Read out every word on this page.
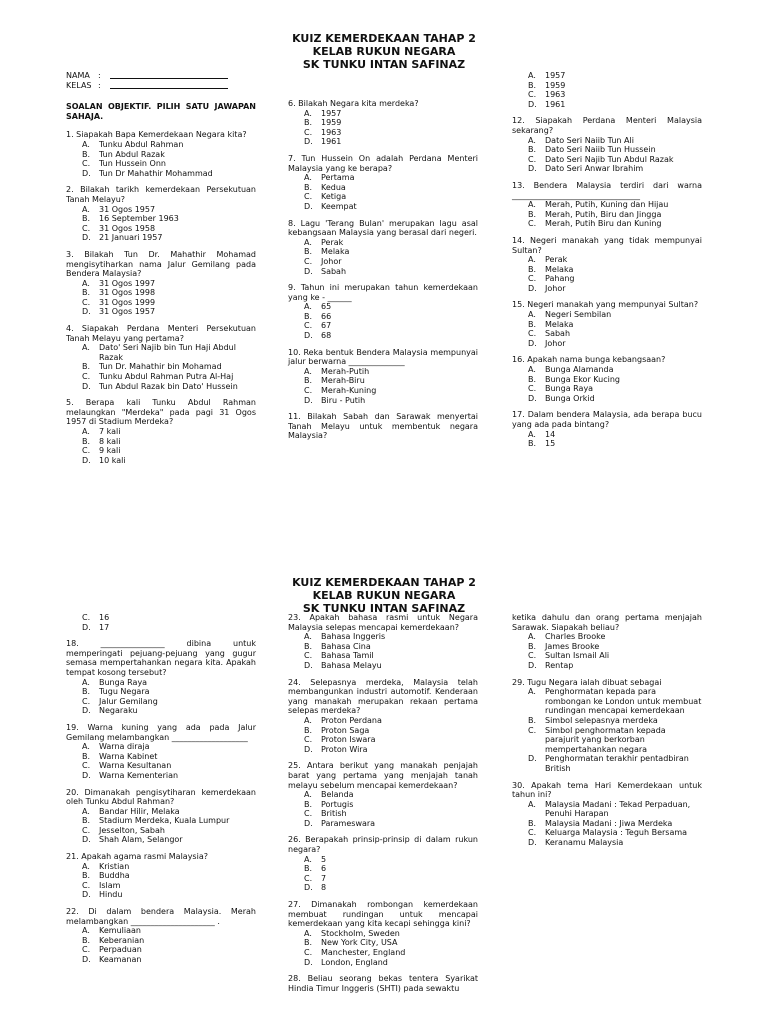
KUIZ KEMERDEKAAN TAHAP 2
KELAB RUKUN NEGARA
SK TUNKU INTAN SAFINAZ
NAMA	:
KELAS :
SOALAN OBJEKTIF. PILIH SATU JAWAPAN SAHAJA.
1. Siapakah Bapa Kemerdekaan Negara kita?
A.	Tunku Abdul Rahman
B.	Tun Abdul Razak
C.	Tun Hussein Onn
D.	Tun Dr Mahathir Mohammad
2. Bilakah tarikh kemerdekaan Persekutuan Tanah Melayu?
A.	31 Ogos 1957
B.	16 September 1963
C.	31 Ogos 1958
D.	21 Januari 1957
3. Bilakah Tun Dr. Mahathir Mohamad mengisytiharkan nama Jalur Gemilang pada Bendera Malaysia?
A.	31 Ogos 1997
B.	31 Ogos 1998
C.	31 Ogos 1999
D.	31 Ogos 1957
4. Siapakah Perdana Menteri Persekutuan Tanah Melayu yang pertama?
A.	Dato' Seri Najib bin Tun Haji Abdul Razak
B.	Tun Dr. Mahathir bin Mohamad
C.	Tunku Abdul Rahman Putra Al-Haj
D.	Tun Abdul Razak bin Dato' Hussein
5. Berapa kali Tunku Abdul Rahman melaungkan "Merdeka" pada pagi 31 Ogos 1957 di Stadium Merdeka?
A.	7 kali
B.	8 kali
C.	9 kali
D.	10 kali
6. Bilakah Negara kita merdeka?
A.	1957
B.	1959
C.	1963
D.	1961
7. Tun Hussein On adalah Perdana Menteri Malaysia yang ke berapa?
A.	Pertama
B.	Kedua
C.	Ketiga
D.	Keempat
8. Lagu 'Terang Bulan' merupakan lagu asal kebangsaan Malaysia yang berasal dari negeri.
A.	Perak
B.	Melaka
C.	Johor
D.	Sabah
9. Tahun ini merupakan tahun kemerdekaan yang ke - ______
A.	65
B.	66
C.	67
D.	68
10. Reka bentuk Bendera Malaysia mempunyai jalur berwarna ______________
A.	Merah-Putih
B.	Merah-Biru
C.	Merah-Kuning
D.	Biru - Putih
11. Bilakah Sabah dan Sarawak menyertai Tanah Melayu untuk membentuk negara Malaysia?
A.	1957
B.	1959
C.	1963
D.	1961
12. Siapakah Perdana Menteri Malaysia sekarang?
A.	Dato Seri Naiib Tun Ali
B.	Dato Seri Naiib Tun Hussein
C.	Dato Seri Najib Tun Abdul Razak
D.	Dato Seri Anwar Ibrahim
13. Bendera Malaysia terdiri dari warna ________________________________
A.	Merah, Putih, Kuning dan Hijau
B.	Merah, Putih, Biru dan Jingga
C.	Merah, Putih Biru dan Kuning
14. Negeri manakah yang tidak mempunyai Sultan?
A.	Perak
B.	Melaka
C.	Pahang
D.	Johor
15. Negeri manakah yang mempunyai Sultan?
A.	Negeri Sembilan
B.	Melaka
C.	Sabah
D.	Johor
16. Apakah nama bunga kebangsaan?
A.	Bunga Alamanda
B.	Bunga Ekor Kucing
C.	Bunga Raya
D.	Bunga Orkid
17. Dalam bendera Malaysia, ada berapa bucu yang ada pada bintang?
A.	14
B.	15
KUIZ KEMERDEKAAN TAHAP 2
KELAB RUKUN NEGARA
SK TUNKU INTAN SAFINAZ
C.	16
D.	17
18. ________________ dibina untuk memperingati pejuang-pejuang yang gugur semasa mempertahankan negara kita. Apakah tempat kosong tersebut?
A.	Bunga Raya
B.	Tugu Negara
C.	Jalur Gemilang
D.	Negaraku
19. Warna kuning yang ada pada Jalur Gemilang melambangkan ___________________
A.	Warna diraja
B.	Warna Kabinet
C.	Warna Kesultanan
D.	Warna Kementerian
20. Dimanakah pengisytiharan kemerdekaan oleh Tunku Abdul Rahman?
A.	Bandar Hilir, Melaka
B.	Stadium Merdeka, Kuala Lumpur
C.	Jesselton, Sabah
D.	Shah Alam, Selangor
21. Apakah agama rasmi Malaysia?
A.	Kristian
B.	Buddha
C.	Islam
D.	Hindu
22. Di dalam bendera Malaysia. Merah melambangkan _____________________ .
A.	Kemuliaan
B.	Keberanian
C.	Perpaduan
D.	Keamanan
23. Apakah bahasa rasmi untuk Negara Malaysia selepas mencapai kemerdekaan?
A.	Bahasa Inggeris
B.	Bahasa Cina
C.	Bahasa Tamil
D.	Bahasa Melayu
24. Selepasnya merdeka, Malaysia telah membangunkan industri automotif. Kenderaan yang manakah merupakan rekaan pertama selepas merdeka?
A.	Proton Perdana
B.	Proton Saga
C.	Proton Iswara
D.	Proton Wira
25. Antara berikut yang manakah penjajah barat yang pertama yang menjajah tanah melayu sebelum mencapai kemerdekaan?
A.	Belanda
B.	Portugis
C.	British
D.	Parameswara
26. Berapakah prinsip-prinsip di dalam rukun negara?
A.	5
B.	6
C.	7
D.	8
27. Dimanakah rombongan kemerdekaan membuat rundingan untuk mencapai kemerdekaan yang kita kecapi sehingga kini?
A.	Stockholm, Sweden
B.	New York City, USA
C.	Manchester, England
D.	London, England
28. Beliau seorang bekas tentera Syarikat Hindia Timur Inggeris (SHTI) pada sewaktu
ketika dahulu dan orang pertama menjajah Sarawak. Siapakah beliau?
A.	Charles Brooke
B.	James Brooke
C.	Sultan Ismail Ali
D.	Rentap
29. Tugu Negara ialah dibuat sebagai
A.	Penghormatan kepada para rombongan ke London untuk membuat rundingan mencapai kemerdekaan
B.	Simbol selepasnya merdeka
C.	Simbol penghormatan kepada parajurit yang berkorban mempertahankan negara
D.	Penghormatan terakhir pentadbiran British
30. Apakah tema Hari Kemerdekaan untuk tahun ini?
A.	Malaysia Madani : Tekad Perpaduan, Penuhi Harapan
B.	Malaysia Madani : Jiwa Merdeka
C.	Keluarga Malaysia : Teguh Bersama
D.	Keranamu Malaysia
